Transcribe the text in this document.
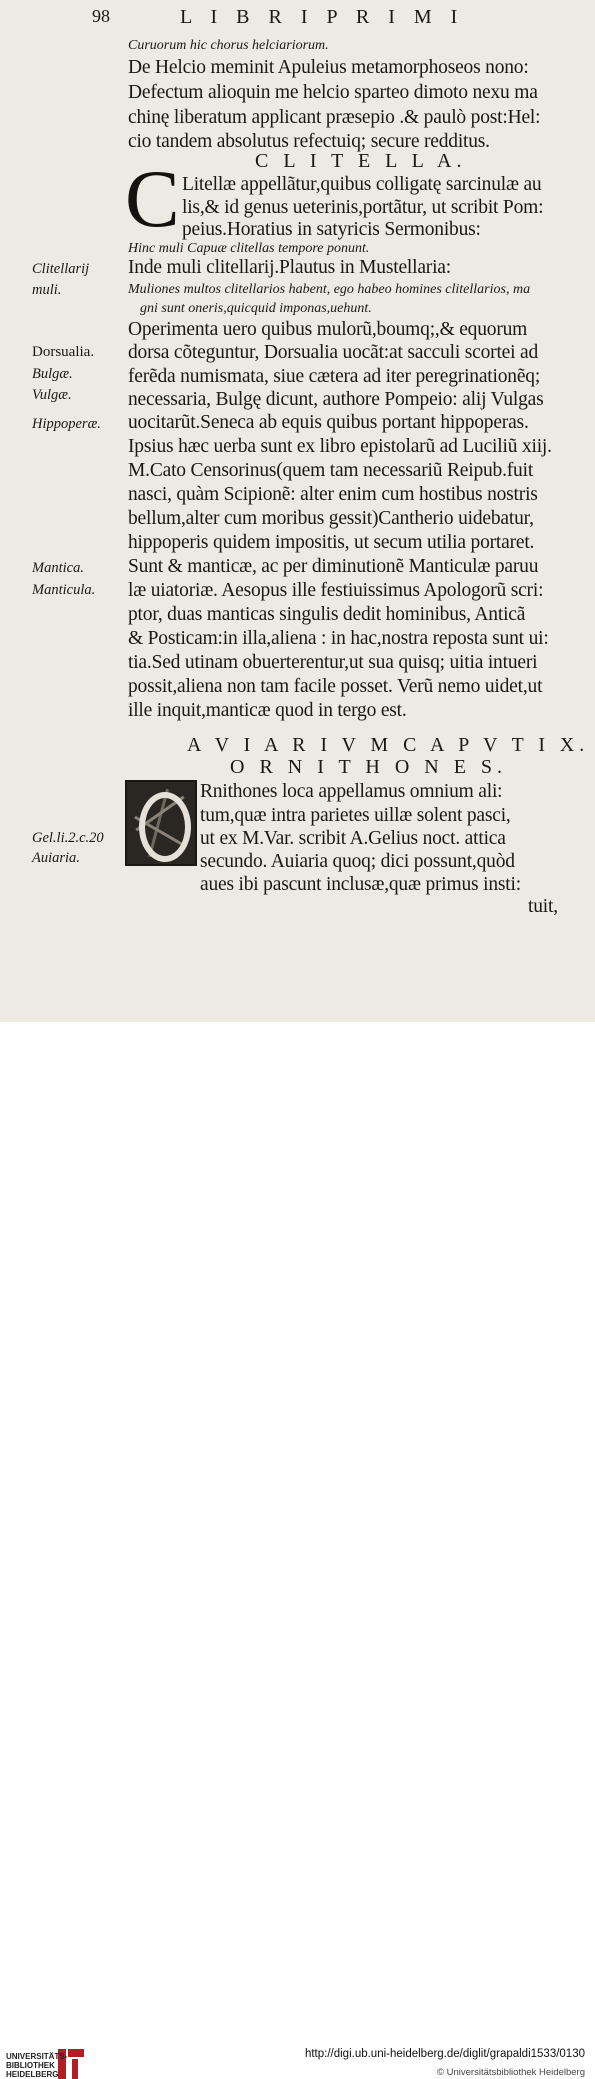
98	L I B R I P R I M I
Curuorum hic chorus helciariorum.
De Helcio meminit Apuleius metamorphoseos nono:
Defectum alioquin me helcio sparteo dimoto nexu ma
chinę liberatum applicant præsepio .& paulò post:Hel:
cio tandem absolutus refectuiq; secure redditus.
C L I T E L L A.
C Litellæ appellãtur,quibus colligatę sarcinulæ au
lis,& id genus ueterinis,portãtur, ut scribit Pom:
peius.Horatius in satyricis Sermonibus:
Hinc muli Capuæ clitellas tempore ponunt.
Clitellarij Inde muli clitellarij.Plautus in Mustellaria:
muli.	Muliones multos clitellarios habent, ego habeo homines clitellarios, ma
gni sunt oneris,quicquid imponas,uehunt.
Operimenta uero quibus mulorũ,boumq;,& equorum
Dorsualia. dorsa cõteguntur, Dorsualia uocãt:at sacculi scortei ad
Bulgæ.	ferẽda numismata, siue cætera ad iter peregrinationẽq;
Vulgæ.	necessaria, Bulgę dicunt, authore Pompeio: alij Vulgas
Hippoperæ. uocitarũt.Seneca ab equis quibus portant hippoperas.
Ipsius hæc uerba sunt ex libro epistolarũ ad Luciliũ xiij.
M.Cato Censorinus(quem tam necessariũ Reipub.fuit
nasci, quàm Scipionẽ: alter enim cum hostibus nostris
bellum,alter cum moribus gessit)Cantherio uidebatur,
hippoperis quidem impositis, ut secum utilia portaret.
Mantica. Sunt & manticæ, ac per diminutionẽ Manticulæ paruu
Manticula. læ uiatoriæ. Aesopus ille festiuissimus Apologorũ scri:
ptor, duas manticas singulis dedit hominibus, Anticã
& Posticam:in illa,aliena : in hac,nostra reposta sunt ui:
tia.Sed utinam obuerterentur,ut sua quisq; uitia intueri
possit,aliena non tam facile posset. Verũ nemo uidet,ut
ille inquit,manticæ quod in tergo est.
A V I A R I V M C A P V T I X.
O R N I T H O N E S.
Rnithones loca appellamus omnium ali:
tum,quæ intra parietes uillæ solent pasci,
Gel.li.2.c.20	ut ex M.Var. scribit A.Gelius noct. attica
Auiaria.	secundo. Auiaria quoq; dici possunt,quòd
aues ibi pascunt inclusæ,quæ primus insti:
tuit,
UNIVERSITÄTS-
BIBLIOTHEK
HEIDELBERG
http://digi.ub.uni-heidelberg.de/diglit/grapaldi1533/0130
© Universitätsbibliothek Heidelberg
